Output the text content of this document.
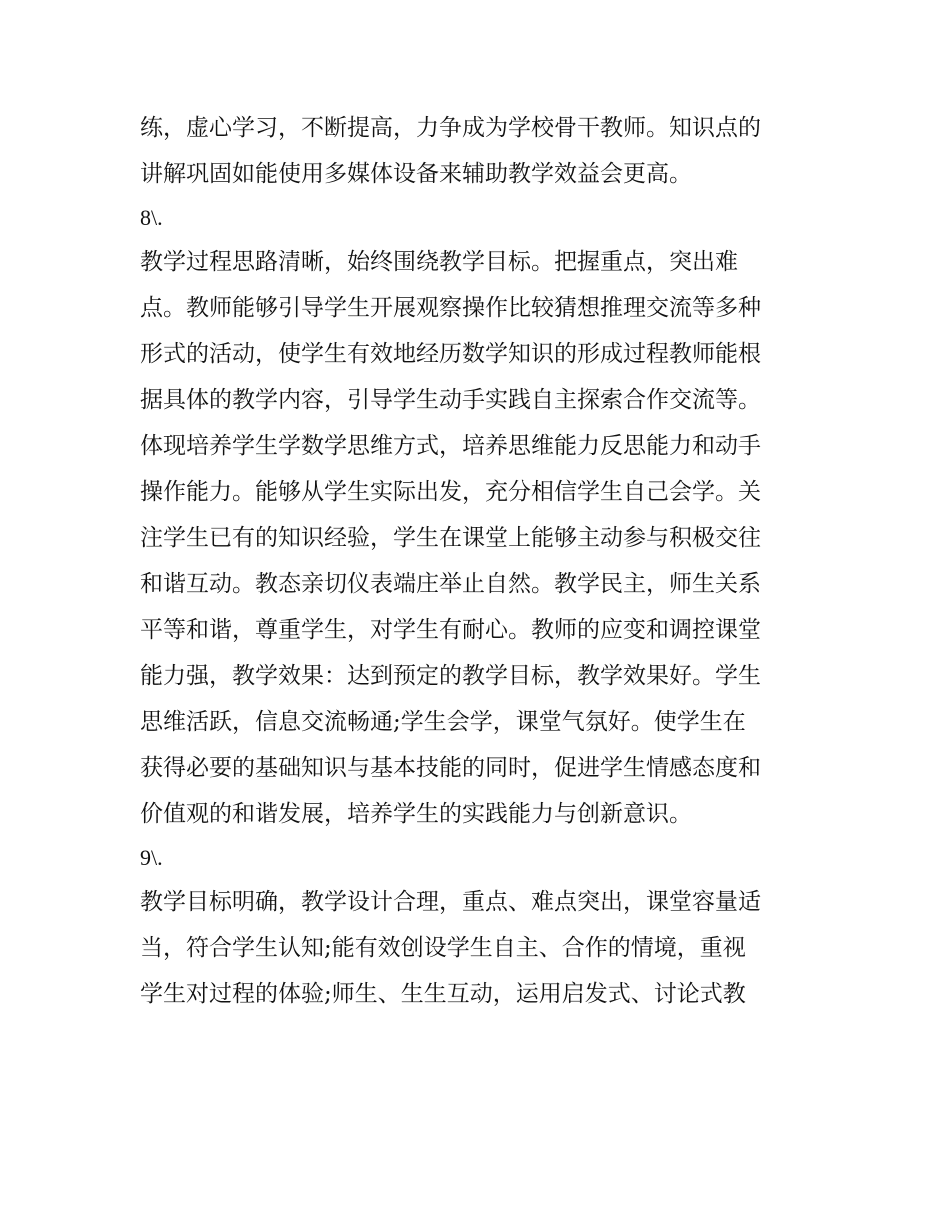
练，虚心学习，不断提高，力争成为学校骨干教师。知识点的
讲解巩固如能使用多媒体设备来辅助教学效益会更高。
8\.
教学过程思路清晰，始终围绕教学目标。把握重点，突出难
点。教师能够引导学生开展观察操作比较猜想推理交流等多种
形式的活动，使学生有效地经历数学知识的形成过程教师能根
据具体的教学内容，引导学生动手实践自主探索合作交流等。
体现培养学生学数学思维方式，培养思维能力反思能力和动手
操作能力。能够从学生实际出发，充分相信学生自己会学。关
注学生已有的知识经验，学生在课堂上能够主动参与积极交往
和谐互动。教态亲切仪表端庄举止自然。教学民主，师生关系
平等和谐，尊重学生，对学生有耐心。教师的应变和调控课堂
能力强，教学效果：达到预定的教学目标，教学效果好。学生
思维活跃，信息交流畅通;学生会学，课堂气氛好。使学生在
获得必要的基础知识与基本技能的同时，促进学生情感态度和
价值观的和谐发展，培养学生的实践能力与创新意识。
9\.
教学目标明确，教学设计合理，重点、难点突出，课堂容量适
当，符合学生认知;能有效创设学生自主、合作的情境，重视
学生对过程的体验;师生、生生互动，运用启发式、讨论式教
